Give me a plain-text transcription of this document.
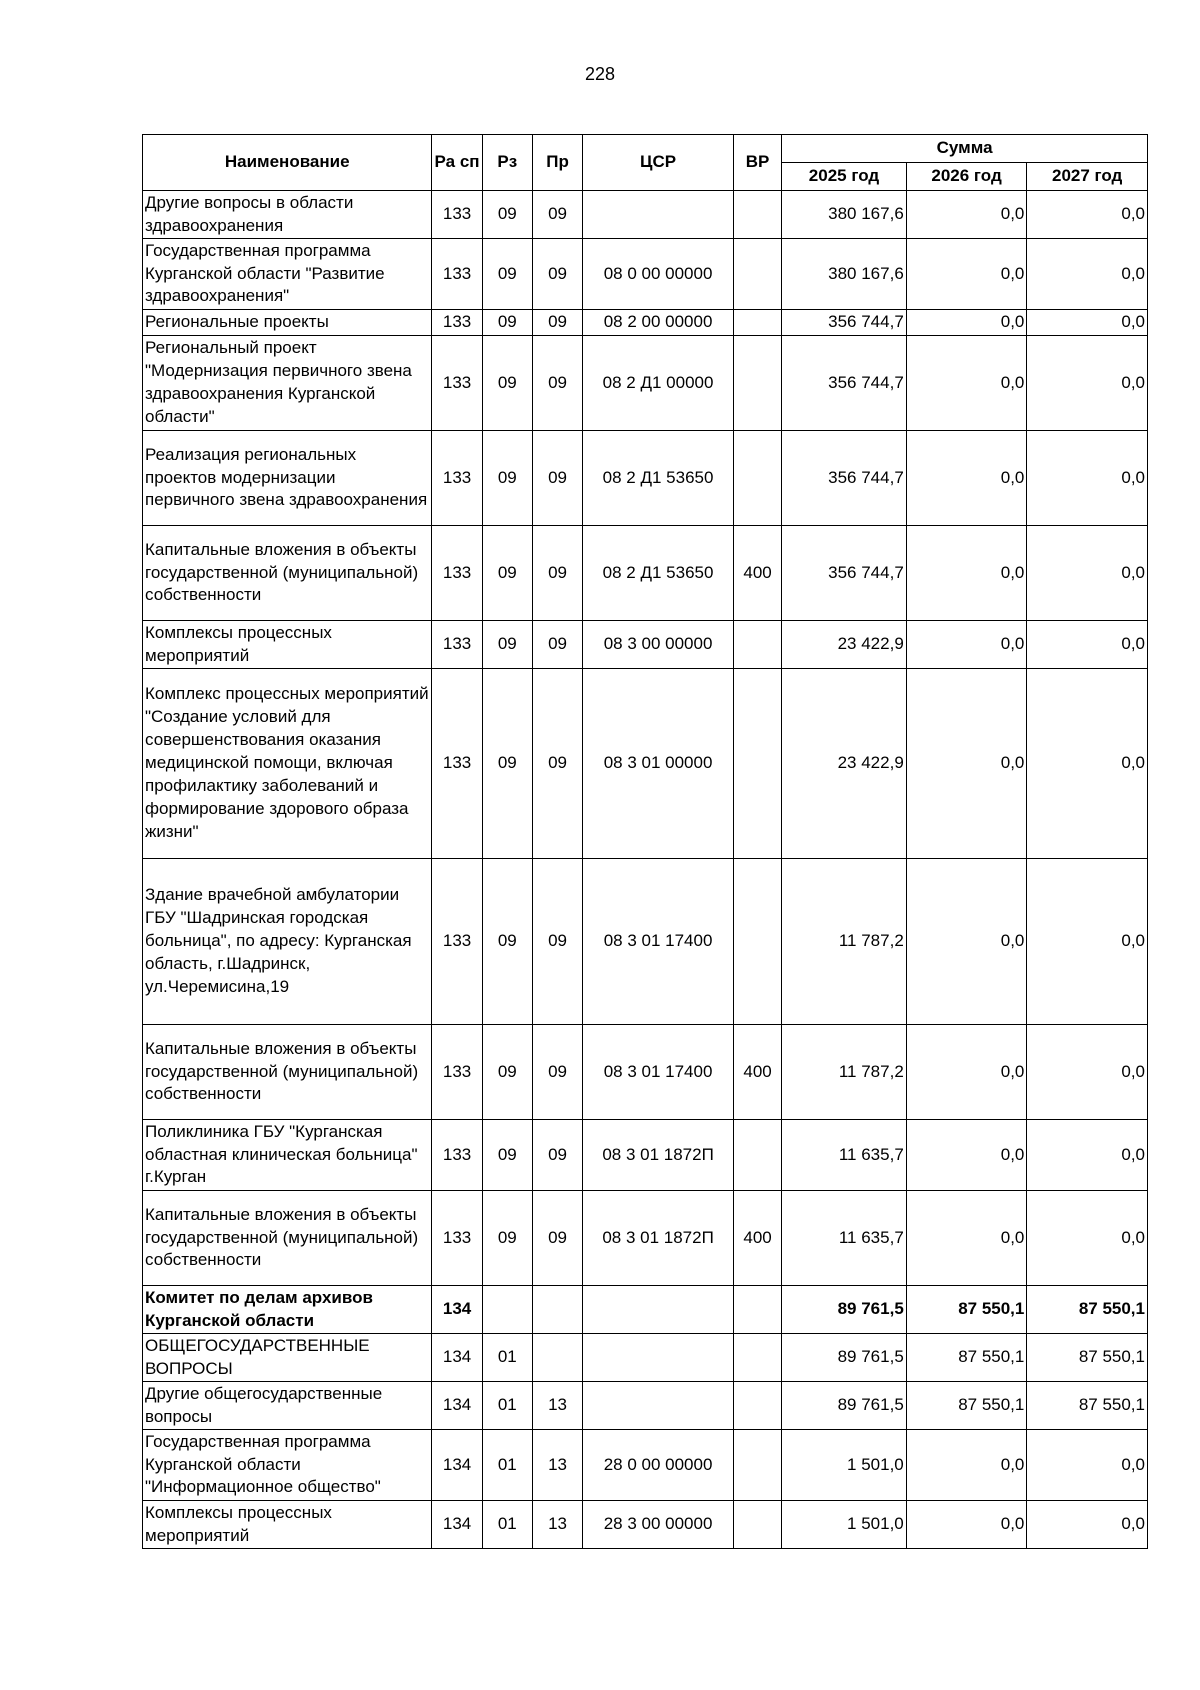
228
Наименование	Ра сп	Рз	Пр	ЦСР	ВР	Сумма		
						2025 год	2026 год	2027 год
Другие вопросы в области здравоохранения	133	09	09			380 167,6	0,0	0,0
Государственная программа Курганской области "Развитие здравоохранения"	133	09	09	08 0 00 00000		380 167,6	0,0	0,0
Региональные проекты	133	09	09	08 2 00 00000		356 744,7	0,0	0,0
Региональный проект "Модернизация первичного звена здравоохранения Курганской области"	133	09	09	08 2 Д1 00000		356 744,7	0,0	0,0
Реализация региональных проектов модернизации первичного звена здравоохранения	133	09	09	08 2 Д1 53650		356 744,7	0,0	0,0
Капитальные вложения в объекты государственной (муниципальной) собственности	133	09	09	08 2 Д1 53650	400	356 744,7	0,0	0,0
Комплексы процессных мероприятий	133	09	09	08 3 00 00000		23 422,9	0,0	0,0
Комплекс процессных мероприятий "Создание условий для совершенствования оказания медицинской помощи, включая профилактику заболеваний и формирование здорового образа жизни"	133	09	09	08 3 01 00000		23 422,9	0,0	0,0
Здание врачебной амбулатории ГБУ "Шадринская городская больница", по адресу: Курганская область, г.Шадринск, ул.Черемисина,19	133	09	09	08 3 01 17400		11 787,2	0,0	0,0
Капитальные вложения в объекты государственной (муниципальной) собственности	133	09	09	08 3 01 17400	400	11 787,2	0,0	0,0
Поликлиника ГБУ "Курганская областная клиническая больница" г.Курган	133	09	09	08 3 01 1872П		11 635,7	0,0	0,0
Капитальные вложения в объекты государственной (муниципальной) собственности	133	09	09	08 3 01 1872П	400	11 635,7	0,0	0,0
Комитет по делам архивов Курганской области	134					89 761,5	87 550,1	87 550,1
ОБЩЕГОСУДАРСТВЕННЫЕ ВОПРОСЫ	134	01				89 761,5	87 550,1	87 550,1
Другие общегосударственные вопросы	134	01	13			89 761,5	87 550,1	87 550,1
Государственная программа Курганской области "Информационное общество"	134	01	13	28 0 00 00000		1 501,0	0,0	0,0
Комплексы процессных мероприятий	134	01	13	28 3 00 00000		1 501,0	0,0	0,0
